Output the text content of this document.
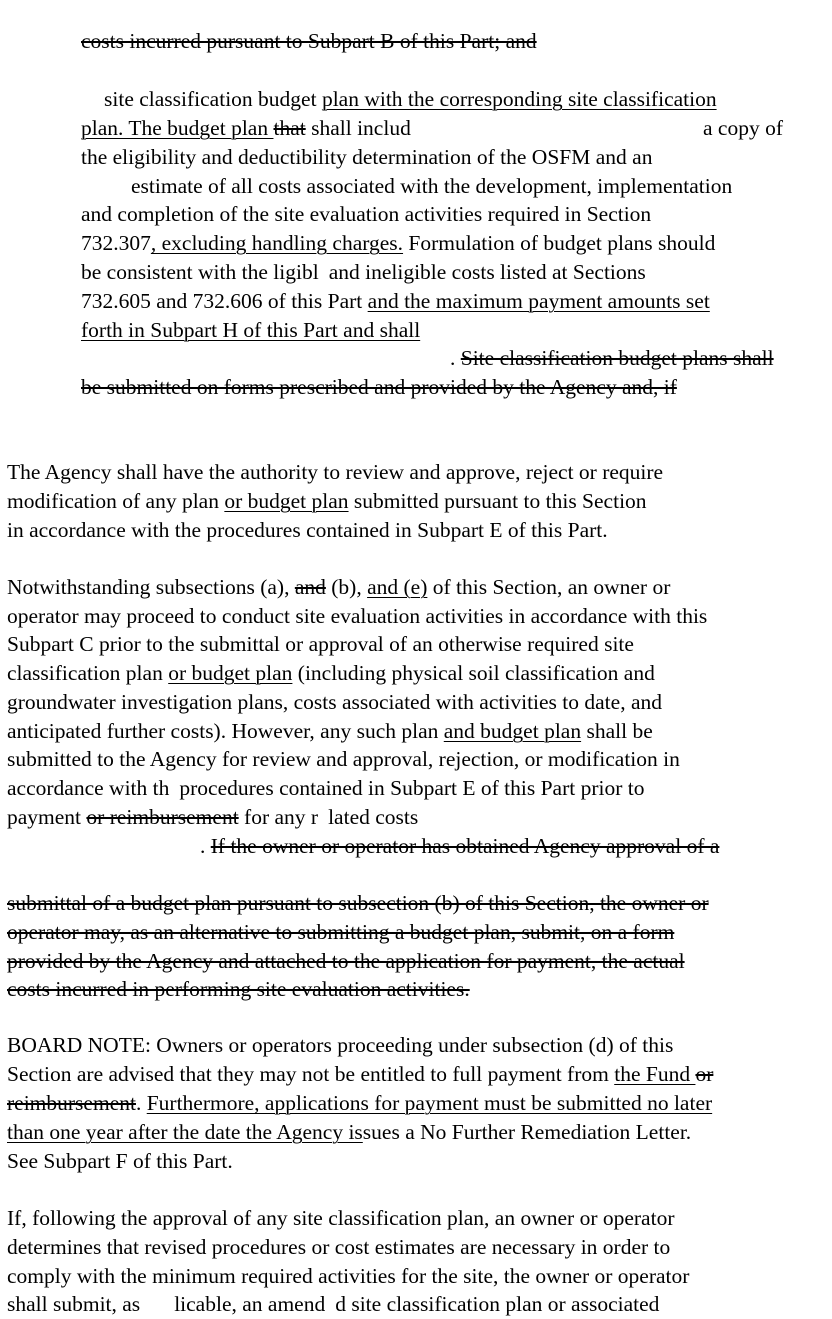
costs incurred pursuant to Subpart B of this Part; and
site classification budget plan with the corresponding site classification
plan. The budget plan that shall includ	a copy of
the eligibility and deductibility determination of the OSFM and an
estimate of all costs associated with the development, implementation
and completion of the site evaluation activities required in Section
732.307, excluding handling charges. Formulation of budget plans should
be consistent with the ligibl and ineligible costs listed at Sections
732.605 and 732.606 of this Part and the maximum payment amounts set
forth in Subpart H of this Part and shall
. Site classification budget plans shall
be submitted on forms prescribed and provided by the Agency and, if
The Agency shall have the authority to review and approve, reject or require
modification of any plan or budget plan submitted pursuant to this Section
in accordance with the procedures contained in Subpart E of this Part.
Notwithstanding subsections (a), and (b), and (e) of this Section, an owner or
operator may proceed to conduct site evaluation activities in accordance with this
Subpart C prior to the submittal or approval of an otherwise required site
classification plan or budget plan (including physical soil classification and
groundwater investigation plans, costs associated with activities to date, and
anticipated further costs). However, any such plan and budget plan shall be
submitted to the Agency for review and approval, rejection, or modification in
accordance with th procedures contained in Subpart E of this Part prior to
payment or reimbursement for any r lated costs
. If the owner or operator has obtained Agency approval of a
submittal of a budget plan pursuant to subsection (b) of this Section, the owner or
operator may, as an alternative to submitting a budget plan, submit, on a form
provided by the Agency and attached to the application for payment, the actual
costs incurred in performing site evaluation activities.
BOARD NOTE: Owners or operators proceeding under subsection (d) of this
Section are advised that they may not be entitled to full payment from the Fund or
reimbursement. Furthermore, applications for payment must be submitted no later
than one year after the date the Agency issues a No Further Remediation Letter.
See Subpart F of this Part.
If, following the approval of any site classification plan, an owner or operator
determines that revised procedures or cost estimates are necessary in order to
comply with the minimum required activities for the site, the owner or operator
shall submit, as licable, an amend d site classification plan or associated
